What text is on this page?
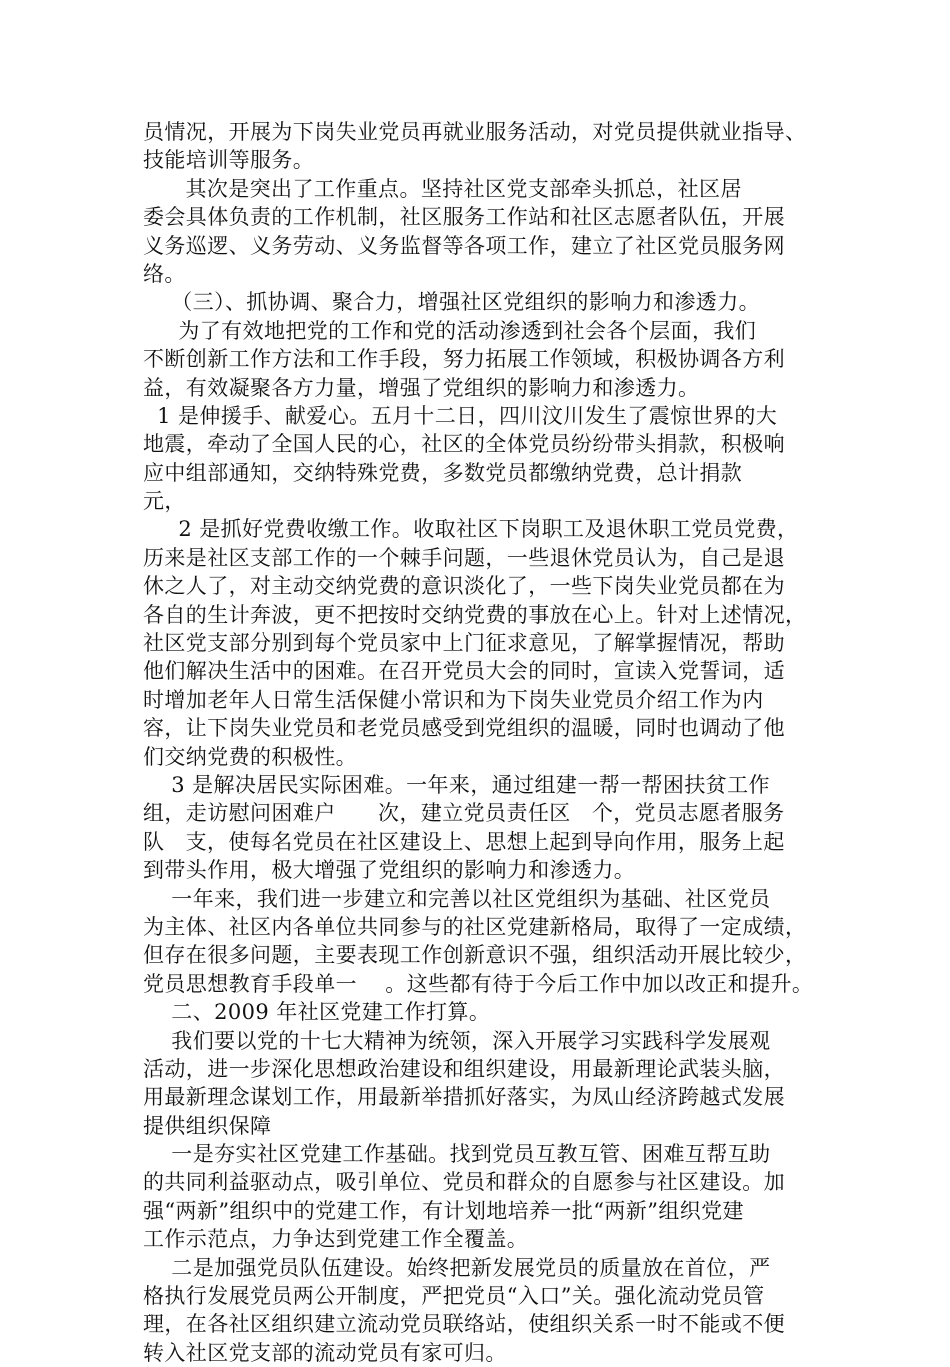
员情况，开展为下岗失业党员再就业服务活动，对党员提供就业指导、
技能培训等服务。
其次是突出了工作重点。坚持社区党支部牵头抓总，社区居
委会具体负责的工作机制，社区服务工作站和社区志愿者队伍，开展
义务巡逻、义务劳动、义务监督等各项工作，建立了社区党员服务网
络。
（三）、抓协调、聚合力，增强社区党组织的影响力和渗透力。
为了有效地把党的工作和党的活动渗透到社会各个层面，我们
不断创新工作方法和工作手段，努力拓展工作领域，积极协调各方利
益，有效凝聚各方力量，增强了党组织的影响力和渗透力。
1 是伸援手、献爱心。五月十二日，四川汶川发生了震惊世界的大
地震，牵动了全国人民的心，社区的全体党员纷纷带头捐款，积极响
应中组部通知，交纳特殊党费，多数党员都缴纳党费，总计捐款
元，
2 是抓好党费收缴工作。收取社区下岗职工及退休职工党员党费，
历来是社区支部工作的一个棘手问题，一些退休党员认为，自己是退
休之人了，对主动交纳党费的意识淡化了，一些下岗失业党员都在为
各自的生计奔波，更不把按时交纳党费的事放在心上。针对上述情况，
社区党支部分别到每个党员家中上门征求意见，了解掌握情况，帮助
他们解决生活中的困难。在召开党员大会的同时，宣读入党誓词，适
时增加老年人日常生活保健小常识和为下岗失业党员介绍工作为内
容，让下岗失业党员和老党员感受到党组织的温暖，同时也调动了他
们交纳党费的积极性。
3 是解决居民实际困难。一年来，通过组建一帮一帮困扶贫工作
组，走访慰问困难户      次，建立党员责任区   个，党员志愿者服务
队   支，使每名党员在社区建设上、思想上起到导向作用，服务上起
到带头作用，极大增强了党组织的影响力和渗透力。
一年来，我们进一步建立和完善以社区党组织为基础、社区党员
为主体、社区内各单位共同参与的社区党建新格局，取得了一定成绩，
但存在很多问题，主要表现工作创新意识不强，组织活动开展比较少，
党员思想教育手段单一    。这些都有待于今后工作中加以改正和提升。
二、2009 年社区党建工作打算。
我们要以党的十七大精神为统领，深入开展学习实践科学发展观
活动，进一步深化思想政治建设和组织建设，用最新理论武装头脑，
用最新理念谋划工作，用最新举措抓好落实，为凤山经济跨越式发展
提供组织保障
一是夯实社区党建工作基础。找到党员互教互管、困难互帮互助
的共同利益驱动点，吸引单位、党员和群众的自愿参与社区建设。加
强“两新”组织中的党建工作，有计划地培养一批“两新”组织党建
工作示范点，力争达到党建工作全覆盖。
二是加强党员队伍建设。始终把新发展党员的质量放在首位，严
格执行发展党员两公开制度，严把党员“入口”关。强化流动党员管
理，在各社区组织建立流动党员联络站，使组织关系一时不能或不便
转入社区党支部的流动党员有家可归。
